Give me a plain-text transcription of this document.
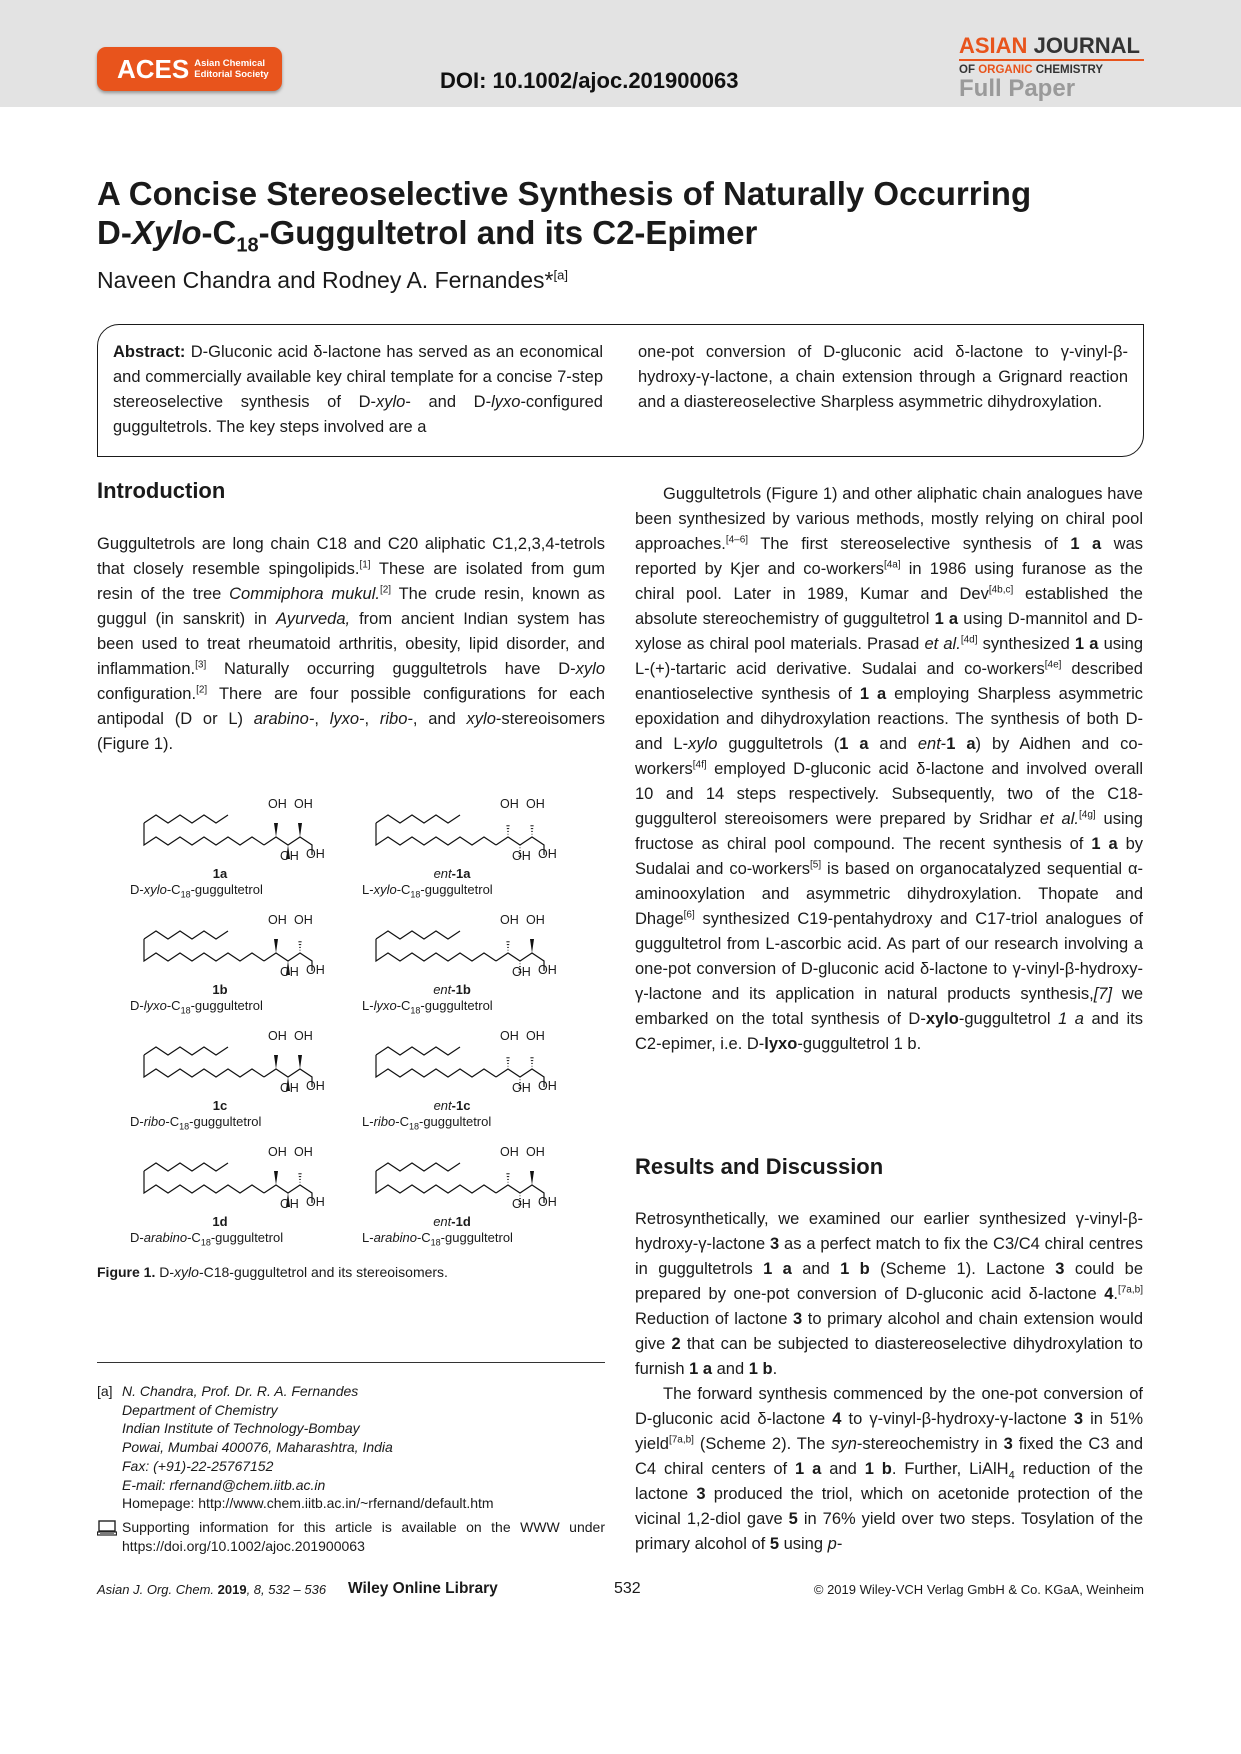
ACES Asian Chemical
Editorial Society	DOI: 10.1002/ajoc.201900063
ASIAN JOURNAL
OF ORGANIC CHEMISTRY
Full Paper
A Concise Stereoselective Synthesis of Naturally Occurring
$D-Xylo-C_{18}$-Guggultetrol and its C2-Epimer
Naveen Chandra and Rodney A. Fernandes*[a]
Abstract: D-Gluconic acid δ-lactone has served as an economical and commercially available key chiral template for a concise 7-step stereoselective synthesis of D-xylo- and D-lyxo-configured guggultetrols. The key steps involved are a
one-pot conversion of D-gluconic acid δ-lactone to γ-vinyl-β-hydroxy-γ-lactone, a chain extension through a Grignard reaction and a diastereoselective Sharpless asymmetric dihydroxylation.
Introduction
Guggultetrols are long chain C18 and C20 aliphatic C1,2,3,4-tetrols that closely resemble spingolipids.[1] These are isolated from gum resin of the tree Commiphora mukul.[2] The crude resin, known as guggul (in sanskrit) in Ayurveda, from ancient Indian system has been used to treat rheumatoid arthritis, obesity, lipid disorder, and inflammation.[3] Naturally occurring guggultetrols have D-xylo configuration.[2] There are four possible configurations for each antipodal (D or L) arabino-, lyxo-, ribo-, and xylo-stereoisomers (Figure 1).
OH OH
OH OH
1a
$D-xylo-C_{18}$-guggultetrol
OH OH
OH OH
ent-1a
$L-xylo-C_{18}$-guggultetrol
OH OH
OH OH
1b
$D-lyxo-C_{18}$-guggultetrol
OH OH
OH OH
ent-1b
$L-lyxo-C_{18}$-guggultetrol
OH OH
OH OH
1c
$D-ribo-C_{18}$-guggultetrol
OH OH
OH OH
ent-1c
$L-ribo-C_{18}$-guggultetrol
OH OH
OH OH
1d
$D-arabino-C_{18}$-guggultetrol
OH OH
OH OH
ent-1d
$L-arabino-C_{18}$-guggultetrol
Figure 1. D-xylo-C18-guggultetrol and its stereoisomers.
[a] N. Chandra, Prof. Dr. R. A. Fernandes
Department of Chemistry
Indian Institute of Technology-Bombay
Powai, Mumbai 400076, Maharashtra, India
Fax: (+91)-22-25767152
E-mail: rfernand@chem.iitb.ac.in
Homepage: http://www.chem.iitb.ac.in/~rfernand/default.htm
Supporting information for this article is available on the WWW under https://doi.org/10.1002/ajoc.201900063
Guggultetrols (Figure 1) and other aliphatic chain analogues have been synthesized by various methods, mostly relying on chiral pool approaches.[4–6] The first stereoselective synthesis of 1 a was reported by Kjer and co-workers[4a] in 1986 using furanose as the chiral pool. Later in 1989, Kumar and Dev[4b,c] established the absolute stereochemistry of guggultetrol 1 a using D-mannitol and D-xylose as chiral pool materials. Prasad et al.[4d] synthesized 1 a using L-(+)-tartaric acid derivative. Sudalai and co-workers[4e] described enantioselective synthesis of 1 a employing Sharpless asymmetric epoxidation and dihydroxylation reactions. The synthesis of both D- and L-xylo guggultetrols (1 a and ent-1 a) by Aidhen and co-workers[4f] employed D-gluconic acid δ-lactone and involved overall 10 and 14 steps respectively. Subsequently, two of the C18-guggulterol stereoisomers were prepared by Sridhar et al.[4g] using fructose as chiral pool compound. The recent synthesis of 1 a by Sudalai and co-workers[5] is based on organocatalyzed sequential α-aminooxylation and asymmetric dihydroxylation. Thopate and Dhage[6] synthesized C19-pentahydroxy and C17-triol analogues of guggultetrol from L-ascorbic acid. As part of our research involving a one-pot conversion of D-gluconic acid δ-lactone to γ-vinyl-β-hydroxy-γ-lactone and its application in natural products synthesis,[7] we embarked on the total synthesis of D-xylo-guggultetrol 1 a and its C2-epimer, i.e. D-lyxo-guggultetrol 1 b.
Results and Discussion
Retrosynthetically, we examined our earlier synthesized γ-vinyl-β-hydroxy-γ-lactone 3 as a perfect match to fix the C3/C4 chiral centres in guggultetrols 1 a and 1 b (Scheme 1). Lactone 3 could be prepared by one-pot conversion of D-gluconic acid δ-lactone 4.[7a,b] Reduction of lactone 3 to primary alcohol and chain extension would give 2 that can be subjected to diastereoselective dihydroxylation to furnish 1 a and 1 b.
The forward synthesis commenced by the one-pot conversion of D-gluconic acid δ-lactone 4 to γ-vinyl-β-hydroxy-γ-lactone 3 in 51% yield[7a,b] (Scheme 2). The syn-stereochemistry in 3 fixed the C3 and C4 chiral centers of 1 a and 1 b. Further, LiAlH$_4$ reduction of the lactone 3 produced the triol, which on acetonide protection of the vicinal 1,2-diol gave 5 in 76% yield over two steps. Tosylation of the primary alcohol of 5 using p-
Asian J. Org. Chem. 2019, 8, 532 – 536 Wiley Online Library	532	© 2019 Wiley-VCH Verlag GmbH & Co. KGaA, Weinheim
